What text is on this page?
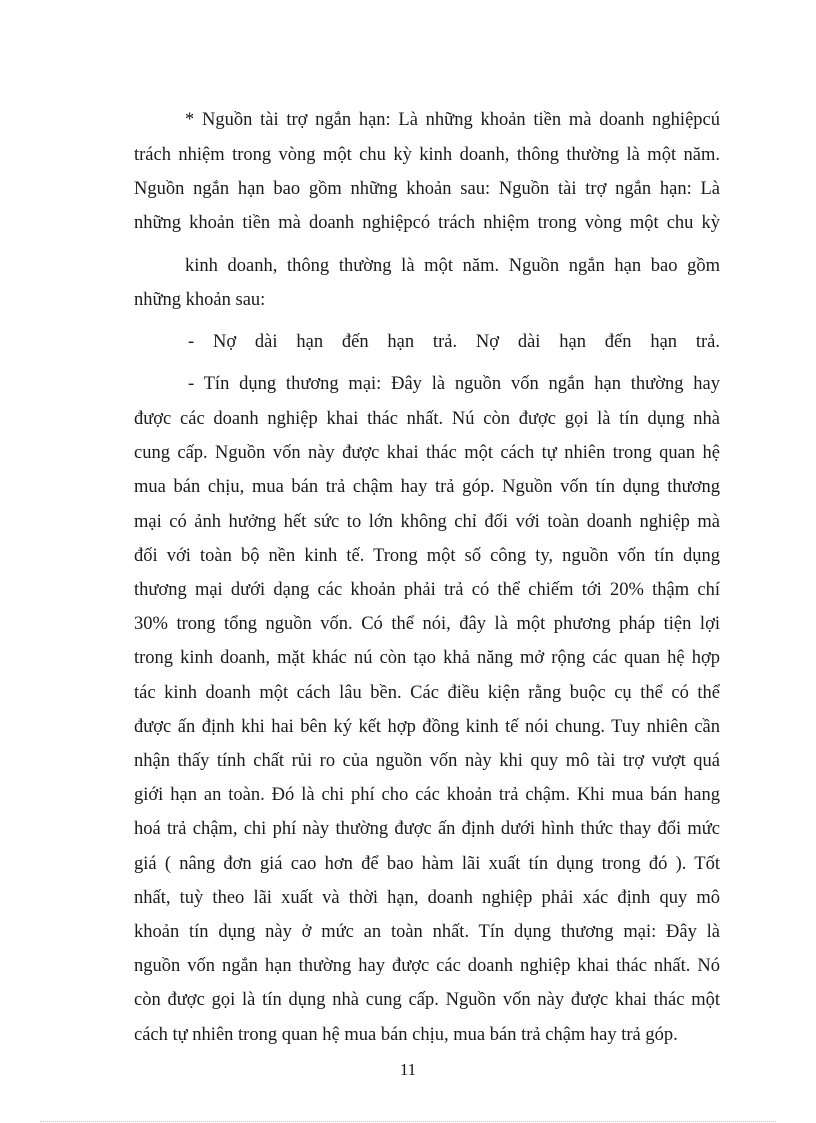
* Nguồn tài trợ ngắn hạn: Là những khoản tiền mà doanh nghiệpcú
trách nhiệm trong vòng một chu kỳ kinh doanh, thông thường là một năm.
Nguồn ngắn hạn bao gồm những khoản sau: Nguồn tài trợ ngắn hạn: Là
những khoản tiền mà doanh nghiệpcó trách nhiệm trong vòng một chu kỳ
kinh doanh, thông thường là một năm. Nguồn ngắn hạn bao gồm
những khoản sau:
- Nợ dài hạn đến hạn trả. Nợ dài hạn đến hạn trả.
- Tín dụng thương mại: Đây là nguồn vốn ngắn hạn thường hay
được các doanh nghiệp khai thác nhất. Nú còn được gọi là tín dụng nhà
cung cấp. Nguồn vốn này được khai thác một cách tự nhiên trong quan hệ
mua bán chịu, mua bán trả chậm hay trả góp. Nguồn vốn tín dụng thương
mại có ảnh hưởng hết sức to lớn không chỉ đối với toàn doanh nghiệp mà
đối với toàn bộ nền kinh tế. Trong một số công ty, nguồn vốn tín dụng
thương mại dưới dạng các khoản phải trả có thể chiếm tới 20% thậm chí
30% trong tổng nguồn vốn. Có thể nói, đây là một phương pháp tiện lợi
trong kinh doanh, mặt khác nú còn tạo khả năng mở rộng các quan hệ hợp
tác kinh doanh một cách lâu bền. Các điều kiện rằng buộc cụ thể có thể
được ấn định khi hai bên ký kết hợp đồng kinh tế nói chung. Tuy nhiên cần
nhận thấy tính chất rủi ro của nguồn vốn này khi quy mô tài trợ vượt quá
giới hạn an toàn. Đó là chi phí cho các khoản trả chậm. Khi mua bán hang
hoá trả chậm, chi phí này thường được ấn định dưới hình thức thay đổi mức
giá ( nâng đơn giá cao hơn để bao hàm lãi xuất tín dụng trong đó ). Tốt
nhất, tuỳ theo lãi xuất và thời hạn, doanh nghiệp phải xác định quy mô
khoản tín dụng này ở mức an toàn nhất. Tín dụng thương mại: Đây là
nguồn vốn ngắn hạn thường hay được các doanh nghiệp khai thác nhất. Nó
còn được gọi là tín dụng nhà cung cấp. Nguồn vốn này được khai thác một
cách tự nhiên trong quan hệ mua bán chịu, mua bán trả chậm hay trả góp.
11
